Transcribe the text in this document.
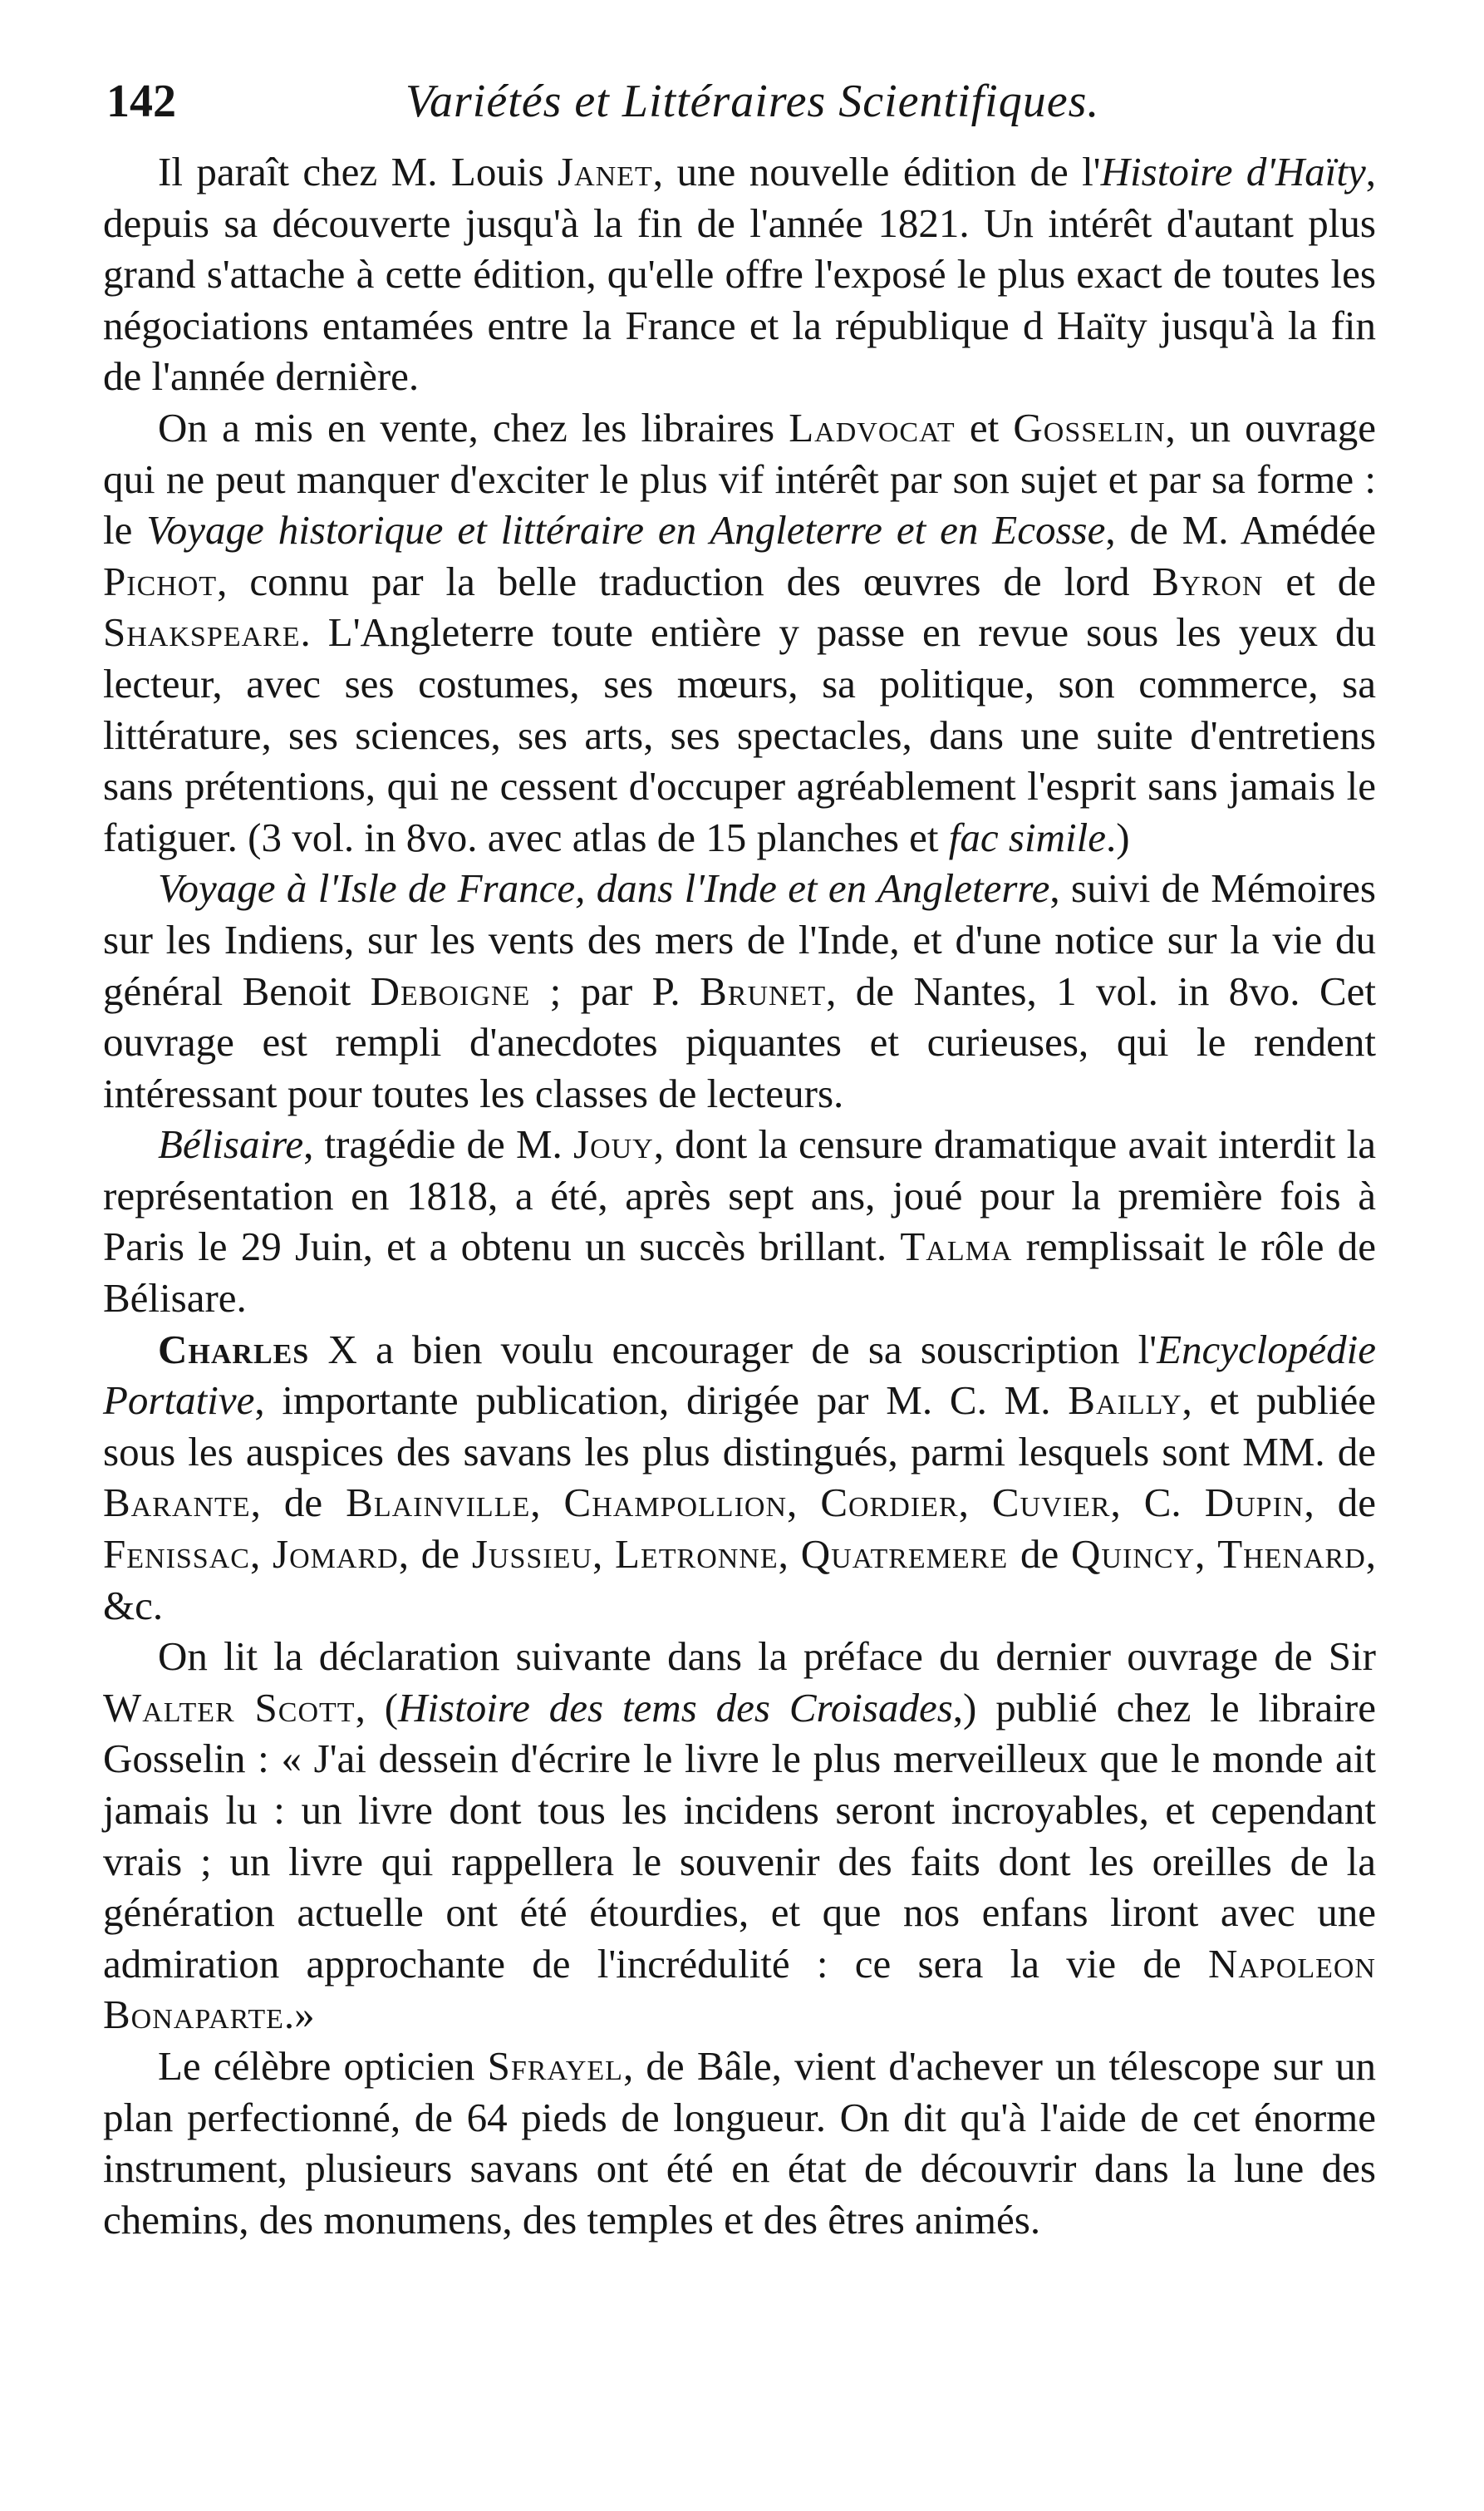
142	Variétés et Littéraires Scientifiques.

Il paraît chez M. Louis Janet, une nouvelle édition de l'Histoire d'Haïty, depuis sa découverte jusqu'à la fin de l'année 1821. Un intérêt d'autant plus grand s'attache à cette édition, qu'elle offre l'exposé le plus exact de toutes les négociations entamées entre la France et la république d Haïty jusqu'à la fin de l'année dernière.

On a mis en vente, chez les libraires Ladvocat et Gosselin, un ouvrage qui ne peut manquer d'exciter le plus vif intérêt par son sujet et par sa forme : le Voyage historique et littéraire en Angleterre et en Ecosse, de M. Amédée Pichot, connu par la belle traduction des œuvres de lord Byron et de Shakspeare. L'Angleterre toute entière y passe en revue sous les yeux du lecteur, avec ses costumes, ses mœurs, sa politique, son commerce, sa littérature, ses sciences, ses arts, ses spectacles, dans une suite d'entretiens sans prétentions, qui ne cessent d'occuper agréablement l'esprit sans jamais le fatiguer. (3 vol. in 8vo. avec atlas de 15 planches et fac simile.)

Voyage à l'Isle de France, dans l'Inde et en Angleterre, suivi de Mémoires sur les Indiens, sur les vents des mers de l'Inde, et d'une notice sur la vie du général Benoit Deboigne ; par P. Brunet, de Nantes, 1 vol. in 8vo. Cet ouvrage est rempli d'anecdotes piquantes et curieuses, qui le rendent intéressant pour toutes les classes de lecteurs.

Bélisaire, tragédie de M. Jouy, dont la censure dramatique avait interdit la représentation en 1818, a été, après sept ans, joué pour la première fois à Paris le 29 Juin, et a obtenu un succès brillant. Talma remplissait le rôle de Bélisare.

Charles X a bien voulu encourager de sa souscription l'Encyclopédie Portative, importante publication, dirigée par M. C. M. Bailly, et publiée sous les auspices des savans les plus distingués, parmi lesquels sont MM. de Barante, de Blainville, Champollion, Cordier, Cuvier, C. Dupin, de Fenissac, Jomard, de Jussieu, Letronne, Quatremere de Quincy, Thenard, &c.

On lit la déclaration suivante dans la préface du dernier ouvrage de Sir Walter Scott, (Histoire des tems des Croisades,) publié chez le libraire Gosselin : « J'ai dessein d'écrire le livre le plus merveilleux que le monde ait jamais lu : un livre dont tous les incidens seront incroyables, et cependant vrais ; un livre qui rappellera le souvenir des faits dont les oreilles de la génération actuelle ont été étourdies, et que nos enfans liront avec une admiration approchante de l'incrédulité : ce sera la vie de Napoleon Bonaparte.»

Le célèbre opticien Sfrayel, de Bâle, vient d'achever un télescope sur un plan perfectionné, de 64 pieds de longueur. On dit qu'à l'aide de cet énorme instrument, plusieurs savans ont été en état de découvrir dans la lune des chemins, des monumens, des temples et des êtres animés.
